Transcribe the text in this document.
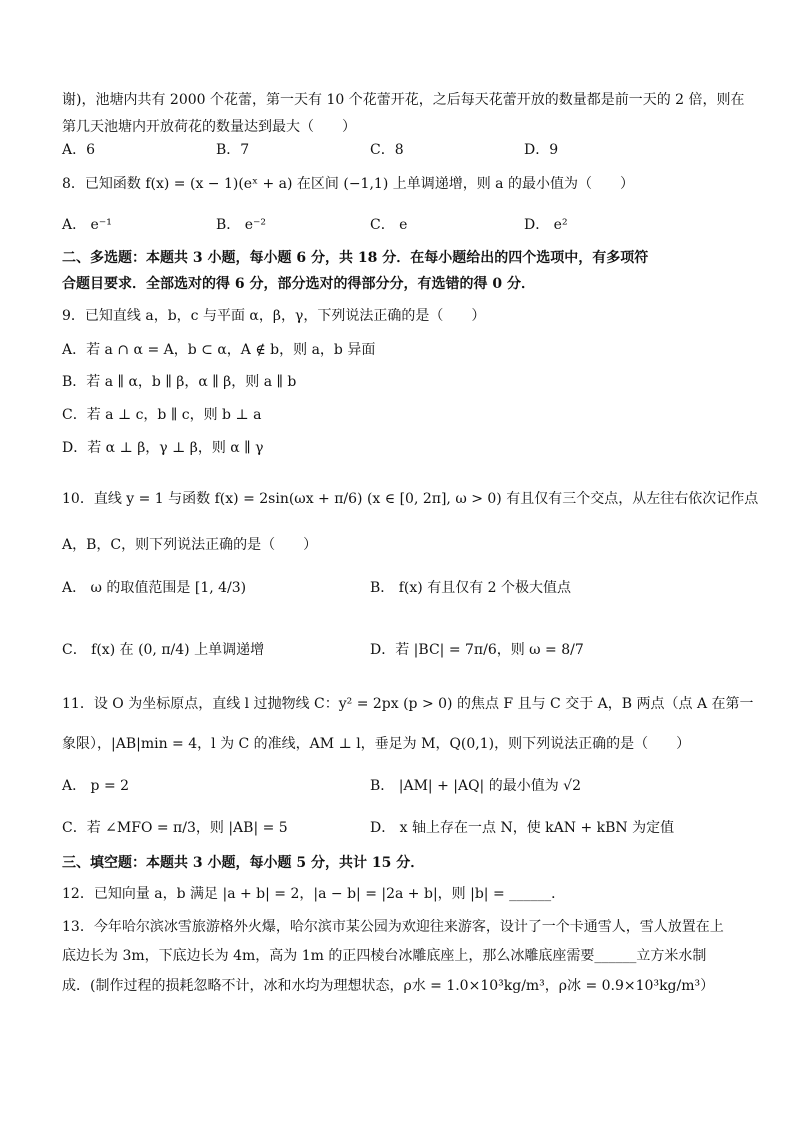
谢)，池塘内共有 2000 个花蕾，第一天有 10 个花蕾开花，之后每天花蕾开放的数量都是前一天的 2 倍，则在
第几天池塘内开放荷花的数量达到最大（　　）
A．6	B．7	C．8	D．9
8．已知函数 f(x) = (x − 1)(eˣ + a) 在区间 (−1,1) 上单调递增，则 a 的最小值为（　　）
A． e⁻¹	B． e⁻²	C． e	D． e²
二、多选题：本题共 3 小题，每小题 6 分，共 18 分．在每小题给出的四个选项中，有多项符
合题目要求．全部选对的得 6 分，部分选对的得部分分，有选错的得 0 分．
9．已知直线 a，b，c 与平面 α，β，γ，下列说法正确的是（　　）
A．若 a ∩ α = A，b ⊂ α，A ∉ b，则 a，b 异面
B．若 a ∥ α，b ∥ β，α ∥ β，则 a ∥ b
C．若 a ⊥ c，b ∥ c，则 b ⊥ a
D．若 α ⊥ β，γ ⊥ β，则 α ∥ γ
10．直线 y = 1 与函数 f(x) = 2sin(ωx + π/6) (x ∈ [0, 2π], ω > 0) 有且仅有三个交点，从左往右依次记作点
A，B，C，则下列说法正确的是（　　）
A． ω 的取值范围是 [1, 4/3)	B． f(x) 有且仅有 2 个极大值点
C． f(x) 在 (0, π/4) 上单调递增	D．若 |BC| = 7π/6，则 ω = 8/7
11．设 O 为坐标原点，直线 l 过抛物线 C：y² = 2px (p > 0) 的焦点 F 且与 C 交于 A，B 两点（点 A 在第一
象限），|AB|min = 4，l 为 C 的准线，AM ⊥ l，垂足为 M，Q(0,1)，则下列说法正确的是（　　）
A． p = 2	B． |AM| + |AQ| 的最小值为 √2
C．若 ∠MFO = π/3，则 |AB| = 5	D． x 轴上存在一点 N，使 kAN + kBN 为定值
三、填空题：本题共 3 小题，每小题 5 分，共计 15 分．
12．已知向量 a，b 满足 |a + b| = 2，|a − b| = |2a + b|，则 |b| = ______．
13．今年哈尔滨冰雪旅游格外火爆，哈尔滨市某公园为欢迎往来游客，设计了一个卡通雪人，雪人放置在上
底边长为 3m，下底边长为 4m，高为 1m 的正四棱台冰雕底座上，那么冰雕底座需要______立方米水制
成．(制作过程的损耗忽略不计，冰和水均为理想状态，ρ水 = 1.0×10³kg/m³，ρ冰 = 0.9×10³kg/m³）
